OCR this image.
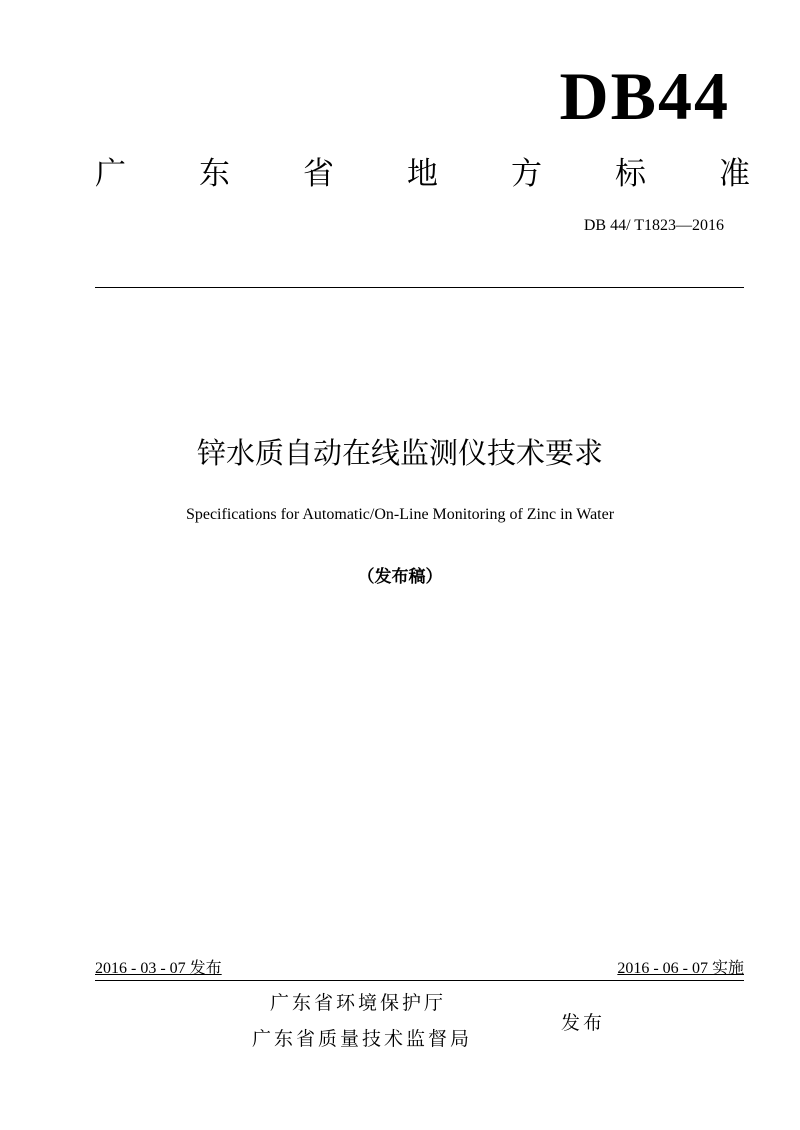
DB44
广 东 省 地 方 标 准
DB 44/ T1823—2016
锌水质自动在线监测仪技术要求
Specifications for Automatic/On-Line Monitoring of Zinc in Water
（发布稿）
2016 - 03 - 07 发布	2016 - 06 - 07 实施
广东省环境保护厅
广东省质量技术监督局
发布
